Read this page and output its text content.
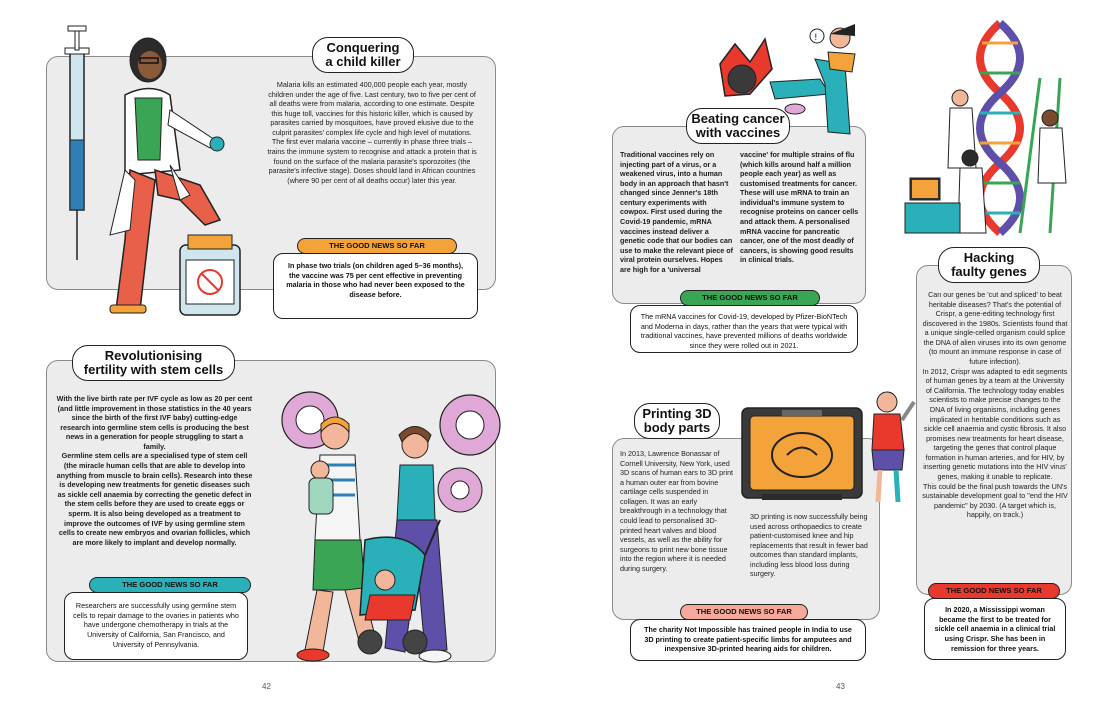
Conquering
a child killer
Malaria kills an estimated 400,000 people each year, mostly children under the age of five. Last century, two to five per cent of all deaths were from malaria, according to one estimate. Despite this huge toll, vaccines for this historic killer, which is caused by parasites carried by mosquitoes, have proved elusive due to the culprit parasites' complex life cycle and high level of mutations. The first ever malaria vaccine – currently in phase three trials – trains the immune system to recognise and attack a protein that is found on the surface of the malaria parasite's sporozoites (the parasite's infective stage). Doses should land in African countries (where 90 per cent of all deaths occur) later this year.
THE GOOD NEWS SO FAR
In phase two trials (on children aged 5–36 months), the vaccine was 75 per cent effective in preventing malaria in those who had never been exposed to the disease before.
Revolutionising
fertility with stem cells
With the live birth rate per IVF cycle as low as 20 per cent (and little improvement in those statistics in the 40 years since the birth of the first IVF baby) cutting-edge research into germline stem cells is producing the best news in a generation for people struggling to start a family.
Germline stem cells are a specialised type of stem cell (the miracle human cells that are able to develop into anything from muscle to brain cells). Research into these is developing new treatments for genetic diseases such as sickle cell anaemia by correcting the genetic defect in the stem cells before they are used to create eggs or sperm. It is also being developed as a treatment to improve the outcomes of IVF by using germline stem cells to create new embryos and ovarian follicles, which are more likely to implant and develop normally.
THE GOOD NEWS SO FAR
Researchers are successfully using germline stem cells to repair damage to the ovaries in patients who have undergone chemotherapy in trials at the University of California, San Francisco, and University of Pennsylvania.
42
!
Beating cancer
with vaccines
Traditional vaccines rely on injecting part of a virus, or a weakened virus, into a human body in an approach that hasn't changed since Jenner's 18th century experiments with cowpox. First used during the Covid-19 pandemic, mRNA vaccines instead deliver a genetic code that our bodies can use to make the relevant piece of viral protein ourselves. Hopes are high for a 'universal
vaccine' for multiple strains of flu (which kills around half a million people each year) as well as customised treatments for cancer. These will use mRNA to train an individual's immune system to recognise proteins on cancer cells and attack them. A personalised mRNA vaccine for pancreatic cancer, one of the most deadly of cancers, is showing good results in clinical trials.
THE GOOD NEWS SO FAR
The mRNA vaccines for Covid-19, developed by Pfizer-BioNTech and Moderna in days, rather than the years that were typical with traditional vaccines, have prevented millions of deaths worldwide since they were rolled out in 2021.
Hacking
faulty genes
Can our genes be 'cut and spliced' to beat heritable diseases? That's the potential of Crispr, a gene-editing technology first discovered in the 1980s. Scientists found that a unique single-celled organism could splice the DNA of alien viruses into its own genome (to mount an immune response in case of future infection).
In 2012, Crispr was adapted to edit segments of human genes by a team at the University of California. The technology today enables scientists to make precise changes to the DNA of living organisms, including genes implicated in heritable conditions such as sickle cell anaemia and cystic fibrosis. It also promises new treatments for heart disease, targeting the genes that control plaque formation in human arteries, and for HIV, by inserting genetic mutations into the HIV virus' genes, making it unable to replicate.
This could be the final push towards the UN's sustainable development goal to "end the HIV pandemic" by 2030. (A target which is, happily, on track.)
THE GOOD NEWS SO FAR
In 2020, a Mississippi woman became the first to be treated for sickle cell anaemia in a clinical trial using Crispr. She has been in remission for three years.
Printing 3D
body parts
In 2013, Lawrence Bonassar of Cornell University, New York, used 3D scans of human ears to 3D print a human outer ear from bovine cartilage cells suspended in collagen. It was an early breakthrough in a technology that could lead to personalised 3D-printed heart valves and blood vessels, as well as the ability for surgeons to print new bone tissue into the region where it is needed during surgery.
3D printing is now successfully being used across orthopaedics to create patient-customised knee and hip replacements that result in fewer bad outcomes than standard implants, including less blood loss during surgery.
THE GOOD NEWS SO FAR
The charity Not Impossible has trained people in India to use 3D printing to create patient-specific limbs for amputees and inexpensive 3D-printed hearing aids for children.
43
